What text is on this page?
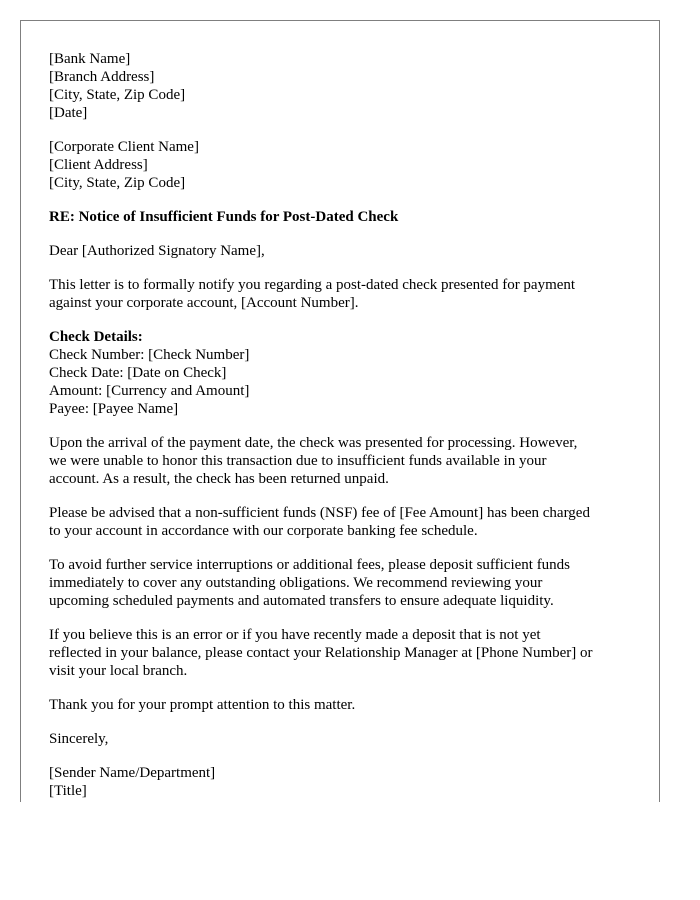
[Bank Name]
[Branch Address]
[City, State, Zip Code]
[Date]
[Corporate Client Name]
[Client Address]
[City, State, Zip Code]
RE: Notice of Insufficient Funds for Post-Dated Check
Dear [Authorized Signatory Name],
This letter is to formally notify you regarding a post-dated check presented for payment
against your corporate account, [Account Number].
Check Details:
Check Number: [Check Number]
Check Date: [Date on Check]
Amount: [Currency and Amount]
Payee: [Payee Name]
Upon the arrival of the payment date, the check was presented for processing. However,
we were unable to honor this transaction due to insufficient funds available in your
account. As a result, the check has been returned unpaid.
Please be advised that a non-sufficient funds (NSF) fee of [Fee Amount] has been charged
to your account in accordance with our corporate banking fee schedule.
To avoid further service interruptions or additional fees, please deposit sufficient funds
immediately to cover any outstanding obligations. We recommend reviewing your
upcoming scheduled payments and automated transfers to ensure adequate liquidity.
If you believe this is an error or if you have recently made a deposit that is not yet
reflected in your balance, please contact your Relationship Manager at [Phone Number] or
visit your local branch.
Thank you for your prompt attention to this matter.
Sincerely,
[Sender Name/Department]
[Title]
